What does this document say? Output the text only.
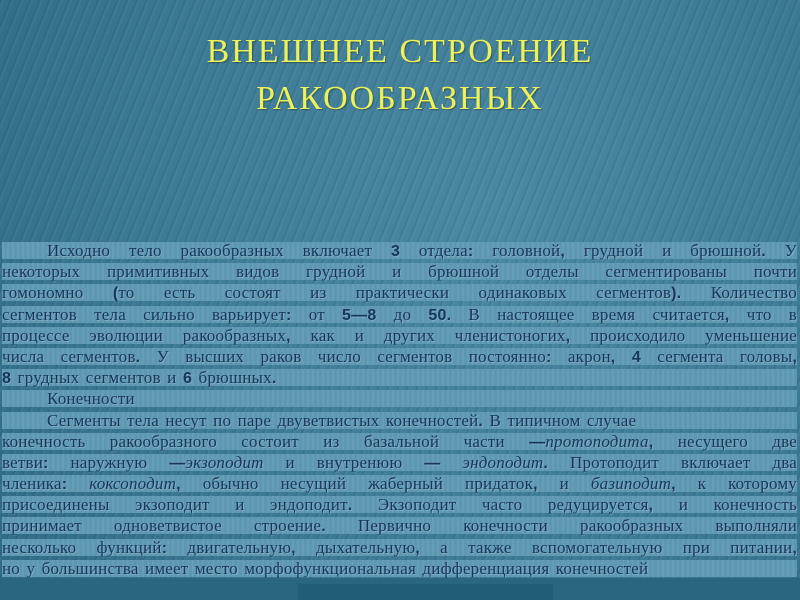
ВНЕШНЕЕ СТРОЕНИЕ
РАКООБРАЗНЫХ
Исходно тело ракообразных включает 3 отдела: головной, грудной и брюшной. У
некоторых примитивных видов грудной и брюшной отделы сегментированы почти
гомономно (то есть состоят из практически одинаковых сегментов). Количество
сегментов тела сильно варьирует: от 5—8 до 50. В настоящее время считается, что в
процессе эволюции ракообразных, как и других членистоногих, происходило уменьшение
числа сегментов. У высших раков число сегментов постоянно: акрон, 4 сегмента головы,
8 грудных сегментов и 6 брюшных.
Конечности
Сегменты тела несут по паре двуветвистых конечностей. В типичном случае
конечность ракообразного состоит из базальной части —протоподита, несущего две
ветви: наружную —экзоподит и внутренюю — эндоподит. Протоподит включает два
членика: коксоподит, обычно несущий жаберный придаток, и базиподит, к которому
присоединены экзоподит и эндоподит. Экзоподит часто редуцируется, и конечность
принимает одноветвистое строение. Первично конечности ракообразных выполняли
несколько функций: двигательную, дыхательную, а также вспомогательную при питании,
но у большинства имеет место морфофункциональная дифференциация конечностей
